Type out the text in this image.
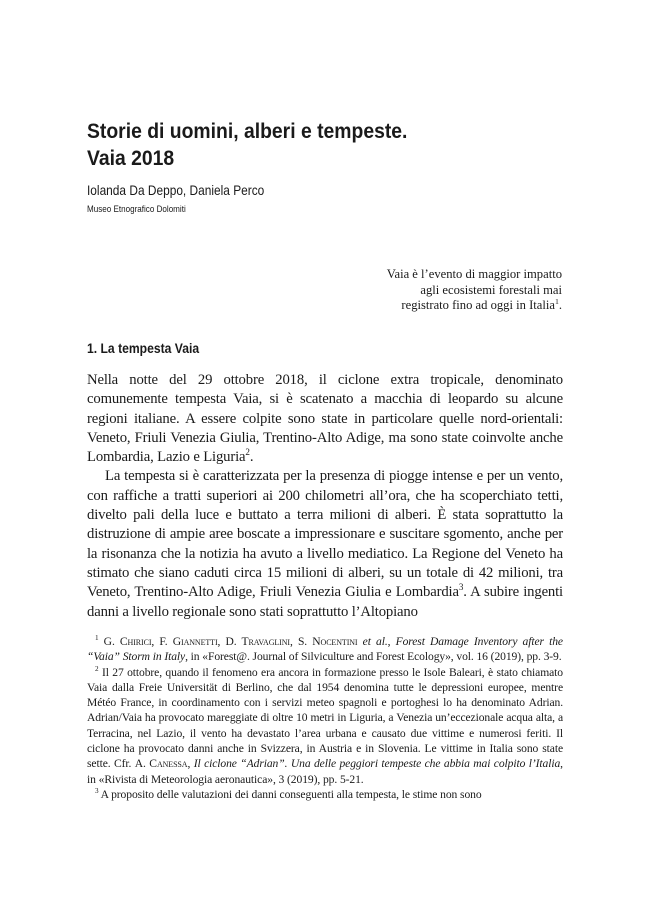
Storie di uomini, alberi e tempeste.
Vaia 2018
Iolanda Da Deppo, Daniela Perco
Museo Etnografico Dolomiti

Vaia è l’evento di maggior impatto

agli ecosistemi forestali mai

registrato fino ad oggi in Italia$^1$.

1. La tempesta Vaia

Nella notte del 29 ottobre 2018, il ciclone extra tropicale, denominato comunemente tempesta Vaia, si è scatenato a macchia di leopardo su alcune regioni italiane. A essere colpite sono state in particolare quelle nord-orientali: Veneto, Friuli Venezia Giulia, Trentino-Alto Adige, ma sono state coinvolte anche Lombardia, Lazio e Liguria$^2$.

La tempesta si è caratterizzata per la presenza di piogge intense e per un vento, con raffiche a tratti superiori ai 200 chilometri all’ora, che ha scoperchiato tetti, divelto pali della luce e buttato a terra milioni di alberi. È stata soprattutto la distruzione di ampie aree boscate a impressionare e suscitare sgomento, anche per la risonanza che la notizia ha avuto a livello mediatico. La Regione del Veneto ha stimato che siano caduti circa 15 milioni di alberi, su un totale di 42 milioni, tra Veneto, Trentino-Alto Adige, Friuli Venezia Giulia e Lombardia$^3$. A subire ingenti danni a livello regionale sono stati soprattutto l’Altopiano

$^1$ G. Chirici, F. Giannetti, D. Travaglini, S. Nocentini et al., Forest Damage Inventory after the “Vaia” Storm in Italy, in «Forest@. Journal of Silviculture and Forest Ecology», vol. 16 (2019), pp. 3-9.

$^2$ Il 27 ottobre, quando il fenomeno era ancora in formazione presso le Isole Baleari, è stato chiamato Vaia dalla Freie Universität di Berlino, che dal 1954 denomina tutte le depressioni europee, mentre Météo France, in coordinamento con i servizi meteo spagnoli e portoghesi lo ha denominato Adrian. Adrian/Vaia ha provocato mareggiate di oltre 10 metri in Liguria, a Venezia un’eccezionale acqua alta, a Terracina, nel Lazio, il vento ha devastato l’area urbana e causato due vittime e numerosi feriti. Il ciclone ha provocato danni anche in Svizzera, in Austria e in Slovenia. Le vittime in Italia sono state sette. Cfr. A. Canessa, Il ciclone “Adrian”. Una delle peggiori tempeste che abbia mai colpito l’Italia, in «Rivista di Meteorologia aeronautica», 3 (2019), pp. 5-21.

$^3$ A proposito delle valutazioni dei danni conseguenti alla tempesta, le stime non sono
